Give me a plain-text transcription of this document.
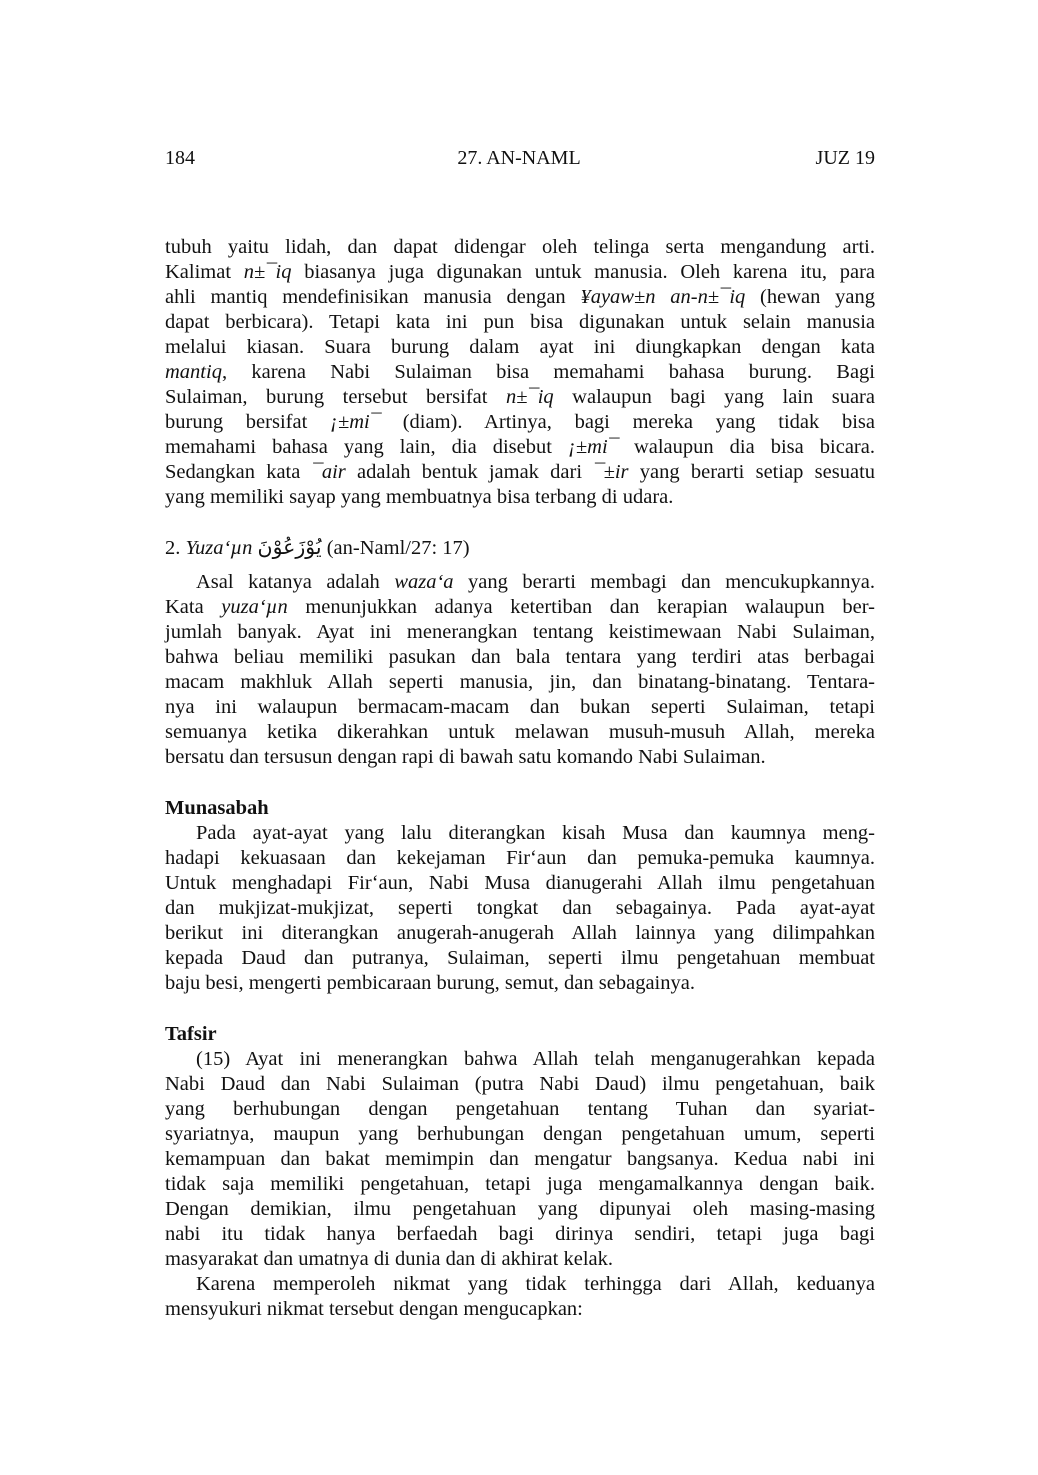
184	27. AN-NAML	JUZ 19
tubuh yaitu lidah, dan dapat didengar oleh telinga serta mengandung arti.
Kalimat n±¯iq biasanya juga digunakan untuk manusia. Oleh karena itu, para
ahli mantiq mendefinisikan manusia dengan ¥ayaw±n an-n±¯iq (hewan yang
dapat berbicara). Tetapi kata ini pun bisa digunakan untuk selain manusia
melalui kiasan. Suara burung dalam ayat ini diungkapkan dengan kata
mantiq, karena Nabi Sulaiman bisa memahami bahasa burung. Bagi
Sulaiman, burung tersebut bersifat n±¯iq walaupun bagi yang lain suara
burung bersifat ¡±mi¯ (diam). Artinya, bagi mereka yang tidak bisa
memahami bahasa yang lain, dia disebut ¡±mi¯ walaupun dia bisa bicara.
Sedangkan kata ¯air adalah bentuk jamak dari ¯±ir yang berarti setiap sesuatu
yang memiliki sayap yang membuatnya bisa terbang di udara.
2. Yuza‘µn يُوْزَعُوْنَ (an-Naml/27: 17)
Asal katanya adalah waza‘a yang berarti membagi dan mencukupkannya.
Kata yuza‘µn menunjukkan adanya ketertiban dan kerapian walaupun ber-
jumlah banyak. Ayat ini menerangkan tentang keistimewaan Nabi Sulaiman,
bahwa beliau memiliki pasukan dan bala tentara yang terdiri atas berbagai
macam makhluk Allah seperti manusia, jin, dan binatang-binatang. Tentara-
nya ini walaupun bermacam-macam dan bukan seperti Sulaiman, tetapi
semuanya ketika dikerahkan untuk melawan musuh-musuh Allah, mereka
bersatu dan tersusun dengan rapi di bawah satu komando Nabi Sulaiman.
Munasabah
Pada ayat-ayat yang lalu diterangkan kisah Musa dan kaumnya meng-
hadapi kekuasaan dan kekejaman Fir‘aun dan pemuka-pemuka kaumnya.
Untuk menghadapi Fir‘aun, Nabi Musa dianugerahi Allah ilmu pengetahuan
dan mukjizat-mukjizat, seperti tongkat dan sebagainya. Pada ayat-ayat
berikut ini diterangkan anugerah-anugerah Allah lainnya yang dilimpahkan
kepada Daud dan putranya, Sulaiman, seperti ilmu pengetahuan membuat
baju besi, mengerti pembicaraan burung, semut, dan sebagainya.
Tafsir
(15) Ayat ini menerangkan bahwa Allah telah menganugerahkan kepada
Nabi Daud dan Nabi Sulaiman (putra Nabi Daud) ilmu pengetahuan, baik
yang berhubungan dengan pengetahuan tentang Tuhan dan syariat-
syariatnya, maupun yang berhubungan dengan pengetahuan umum, seperti
kemampuan dan bakat memimpin dan mengatur bangsanya. Kedua nabi ini
tidak saja memiliki pengetahuan, tetapi juga mengamalkannya dengan baik.
Dengan demikian, ilmu pengetahuan yang dipunyai oleh masing-masing
nabi itu tidak hanya berfaedah bagi dirinya sendiri, tetapi juga bagi
masyarakat dan umatnya di dunia dan di akhirat kelak.
Karena memperoleh nikmat yang tidak terhingga dari Allah, keduanya
mensyukuri nikmat tersebut dengan mengucapkan:
